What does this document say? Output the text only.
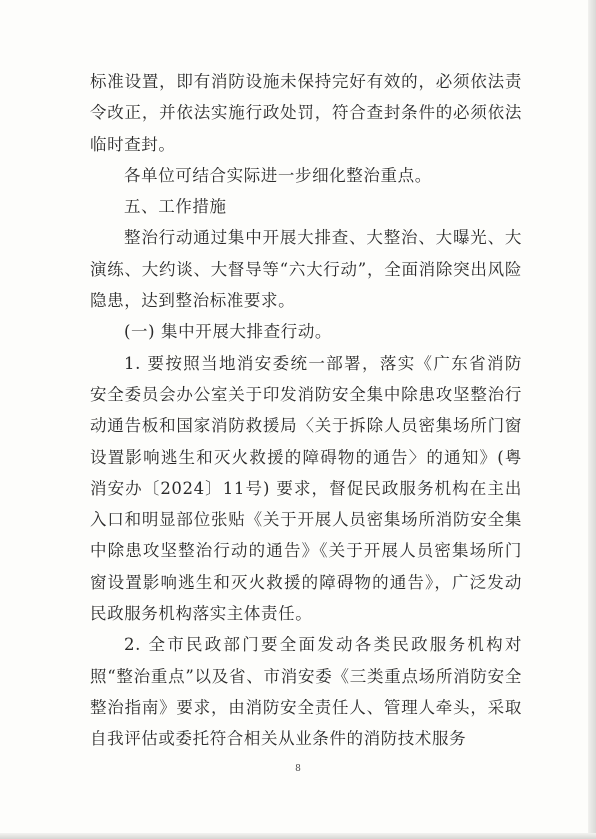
标准设置，即有消防设施未保持完好有效的，必须依法责令改正，并依法实施行政处罚，符合查封条件的必须依法临时查封。

各单位可结合实际进一步细化整治重点。

五、工作措施

整治行动通过集中开展大排查、大整治、大曝光、大演练、大约谈、大督导等“六大行动”，全面消除突出风险隐患，达到整治标准要求。

(一) 集中开展大排查行动。

1. 要按照当地消安委统一部署，落实《广东省消防安全委员会办公室关于印发消防安全集中除患攻坚整治行动通告板和国家消防救援局〈关于拆除人员密集场所门窗设置影响逃生和灭火救援的障碍物的通告〉的通知》(粤消安办〔2024〕11号) 要求，督促民政服务机构在主出入口和明显部位张贴《关于开展人员密集场所消防安全集中除患攻坚整治行动的通告》《关于开展人员密集场所门窗设置影响逃生和灭火救援的障碍物的通告》，广泛发动民政服务机构落实主体责任。

2. 全市民政部门要全面发动各类民政服务机构对照“整治重点”以及省、市消安委《三类重点场所消防安全整治指南》要求，由消防安全责任人、管理人牵头，采取自我评估或委托符合相关从业条件的消防技术服务

8
